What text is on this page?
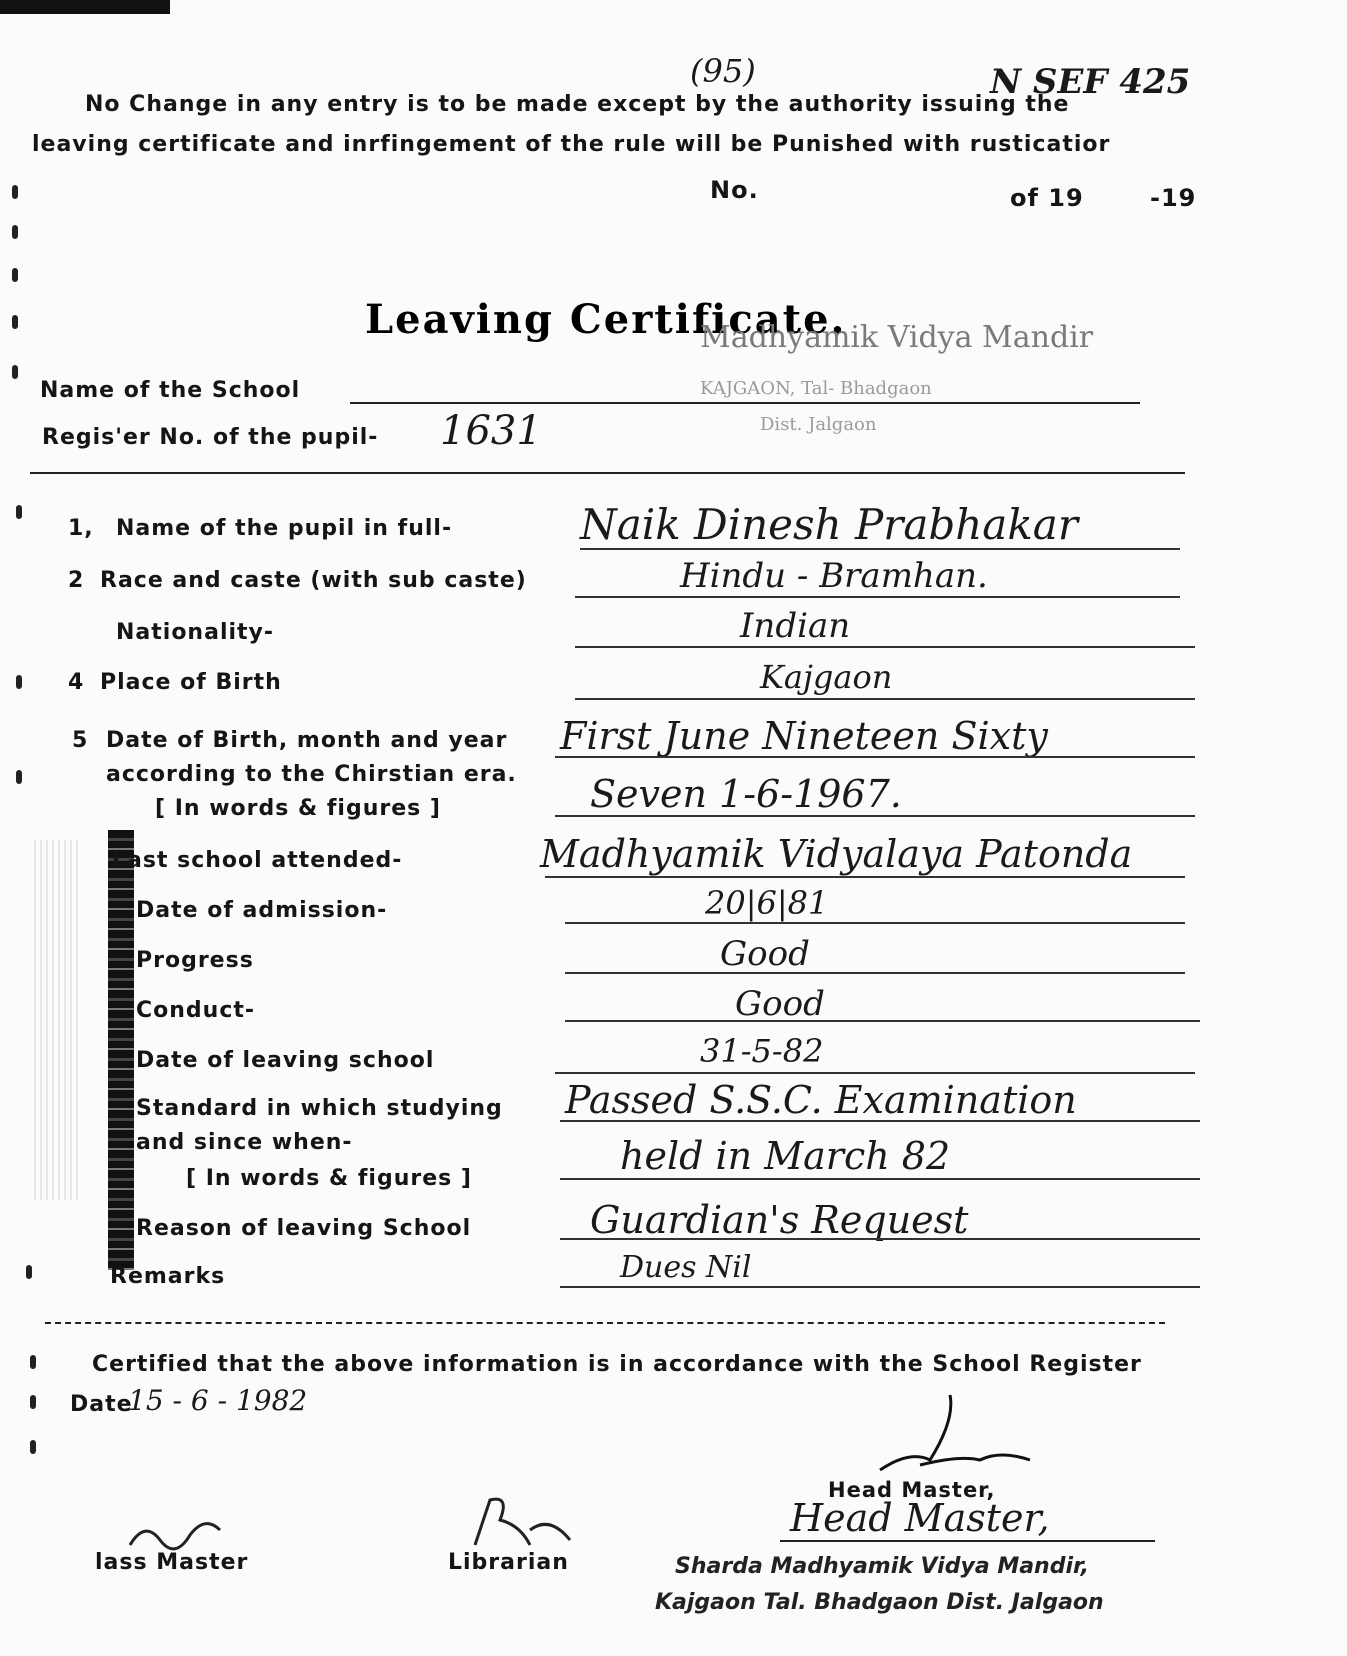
(95)	N SEF 425
No Change in any entry is to be made except by the authority issuing the
leaving certificate and inrfingement of the rule will be Punished with rusticatior
No.	of 19	-19
Leaving Certificate.
Madhyamik Vidya Mandir
KAJGAON, Tal- Bhadgaon
Dist. Jalgaon
Name of the School
Regis'er No. of the pupil- 1631
1, Name of the pupil in full-	Naik Dinesh Prabhakar
2 Race and caste (with sub caste)	Hindu - Bramhan.
Nationality-	Indian
4 Place of Birth	Kajgaon
5 Date of Birth, month and year
according to the Chirstian era.
[ In words & figures ]
First June Nineteen Sixty
Seven 1-6-1967.
Last school attended-	Madhyamik Vidyalaya Patonda
Date of admission-	20|6|81
Progress	Good
Conduct-	Good
Date of leaving school	31-5-82
Standard in which studying
and since when-
[ In words & figures ]
Passed S.S.C. Examination
held in March 82
Reason of leaving School	Guardian's Request
Remarks	Dues Nil
Certified that the above information is in accordance with the School Register
Date
15 - 6 - 1982
lass Master	Librarian
Head Master,
Head Master,
Sharda Madhyamik Vidya Mandir,
Kajgaon Tal. Bhadgaon Dist. Jalgaon
